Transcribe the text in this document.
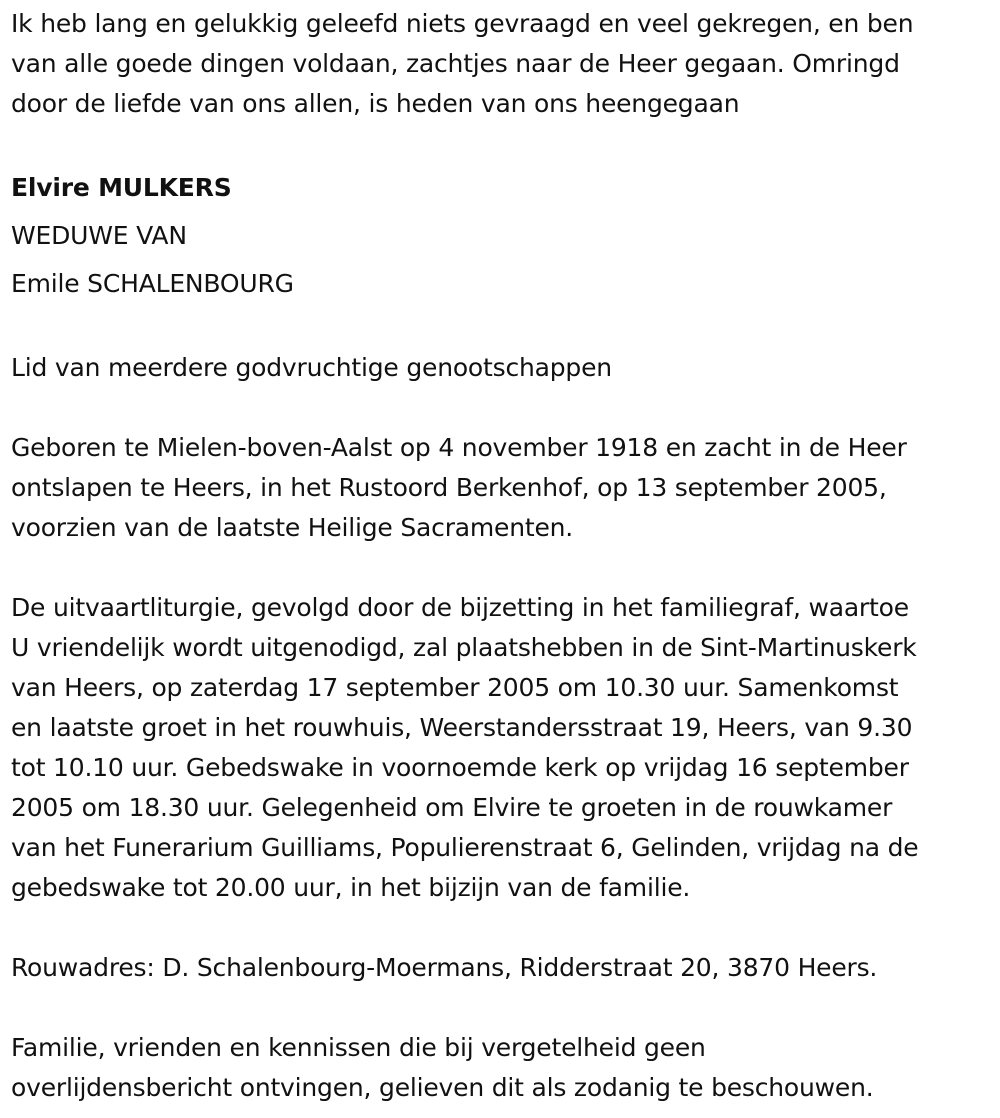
Ik heb lang en gelukkig geleefd niets gevraagd en veel gekregen, en ben

van alle goede dingen voldaan, zachtjes naar de Heer gegaan. Omringd

door de liefde van ons allen, is heden van ons heengegaan

Elvire MULKERS

WEDUWE VAN

Emile SCHALENBOURG

Lid van meerdere godvruchtige genootschappen

Geboren te Mielen-boven-Aalst op 4 november 1918 en zacht in de Heer

ontslapen te Heers, in het Rustoord Berkenhof, op 13 september 2005,

voorzien van de laatste Heilige Sacramenten.

De uitvaartliturgie, gevolgd door de bijzetting in het familiegraf, waartoe

U vriendelijk wordt uitgenodigd, zal plaatshebben in de Sint-Martinuskerk

van Heers, op zaterdag 17 september 2005 om 10.30 uur. Samenkomst

en laatste groet in het rouwhuis, Weerstandersstraat 19, Heers, van 9.30

tot 10.10 uur. Gebedswake in voornoemde kerk op vrijdag 16 september

2005 om 18.30 uur. Gelegenheid om Elvire te groeten in de rouwkamer

van het Funerarium Guilliams, Populierenstraat 6, Gelinden, vrijdag na de

gebedswake tot 20.00 uur, in het bijzijn van de familie.

Rouwadres: D. Schalenbourg-Moermans, Ridderstraat 20, 3870 Heers.

Familie, vrienden en kennissen die bij vergetelheid geen

overlijdensbericht ontvingen, gelieven dit als zodanig te beschouwen.
